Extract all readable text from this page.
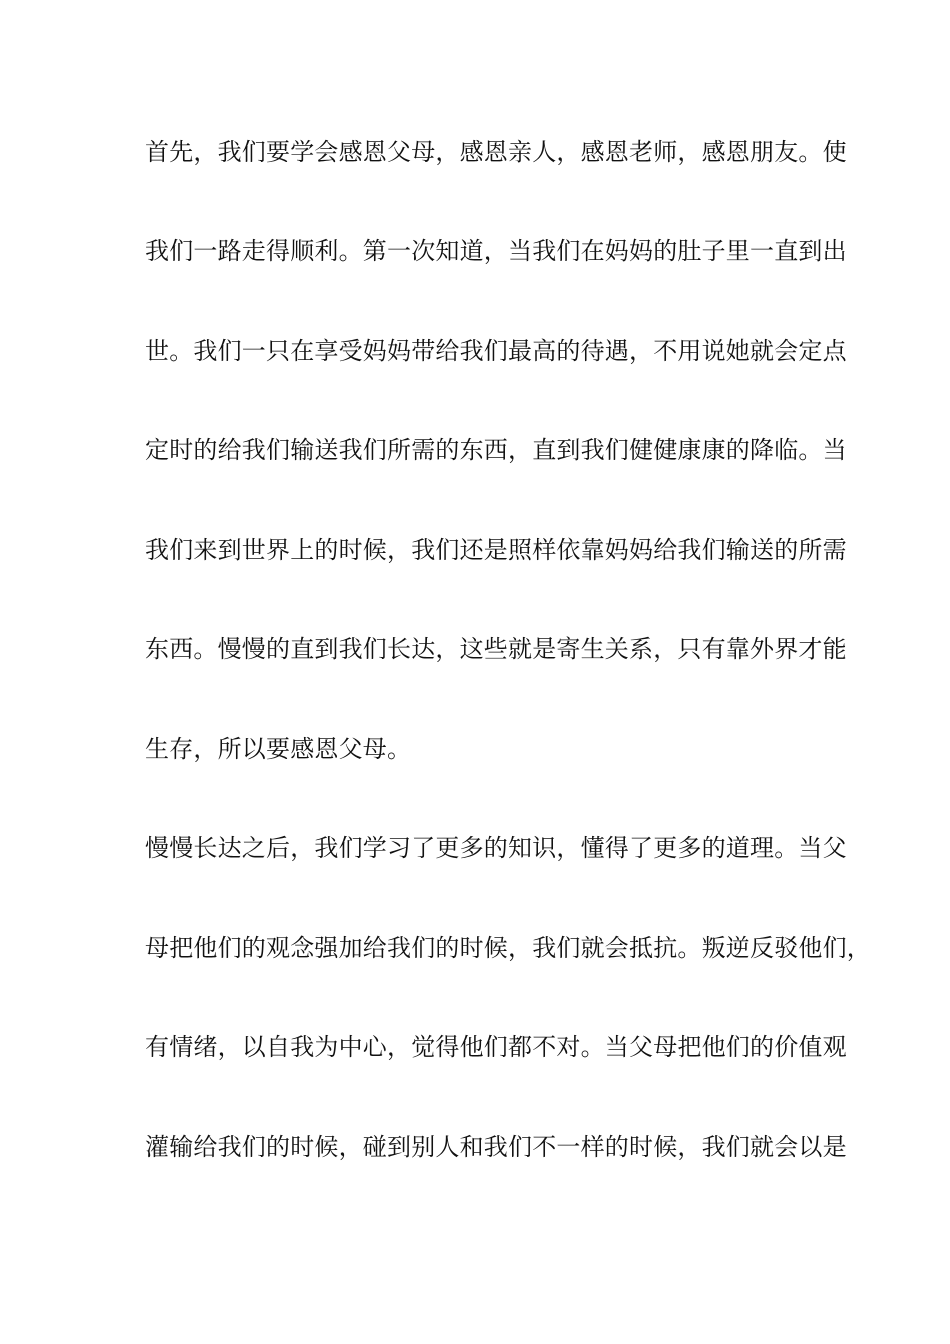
首先，我们要学会感恩父母，感恩亲人，感恩老师，感恩朋友。使

我们一路走得顺利。第一次知道，当我们在妈妈的肚子里一直到出

世。我们一只在享受妈妈带给我们最高的待遇，不用说她就会定点

定时的给我们输送我们所需的东西，直到我们健健康康的降临。当

我们来到世界上的时候，我们还是照样依靠妈妈给我们输送的所需

东西。慢慢的直到我们长达，这些就是寄生关系，只有靠外界才能

生存，所以要感恩父母。

慢慢长达之后，我们学习了更多的知识，懂得了更多的道理。当父

母把他们的观念强加给我们的时候，我们就会抵抗。叛逆反驳他们，

有情绪，以自我为中心，觉得他们都不对。当父母把他们的价值观

灌输给我们的时候，碰到别人和我们不一样的时候，我们就会以是
